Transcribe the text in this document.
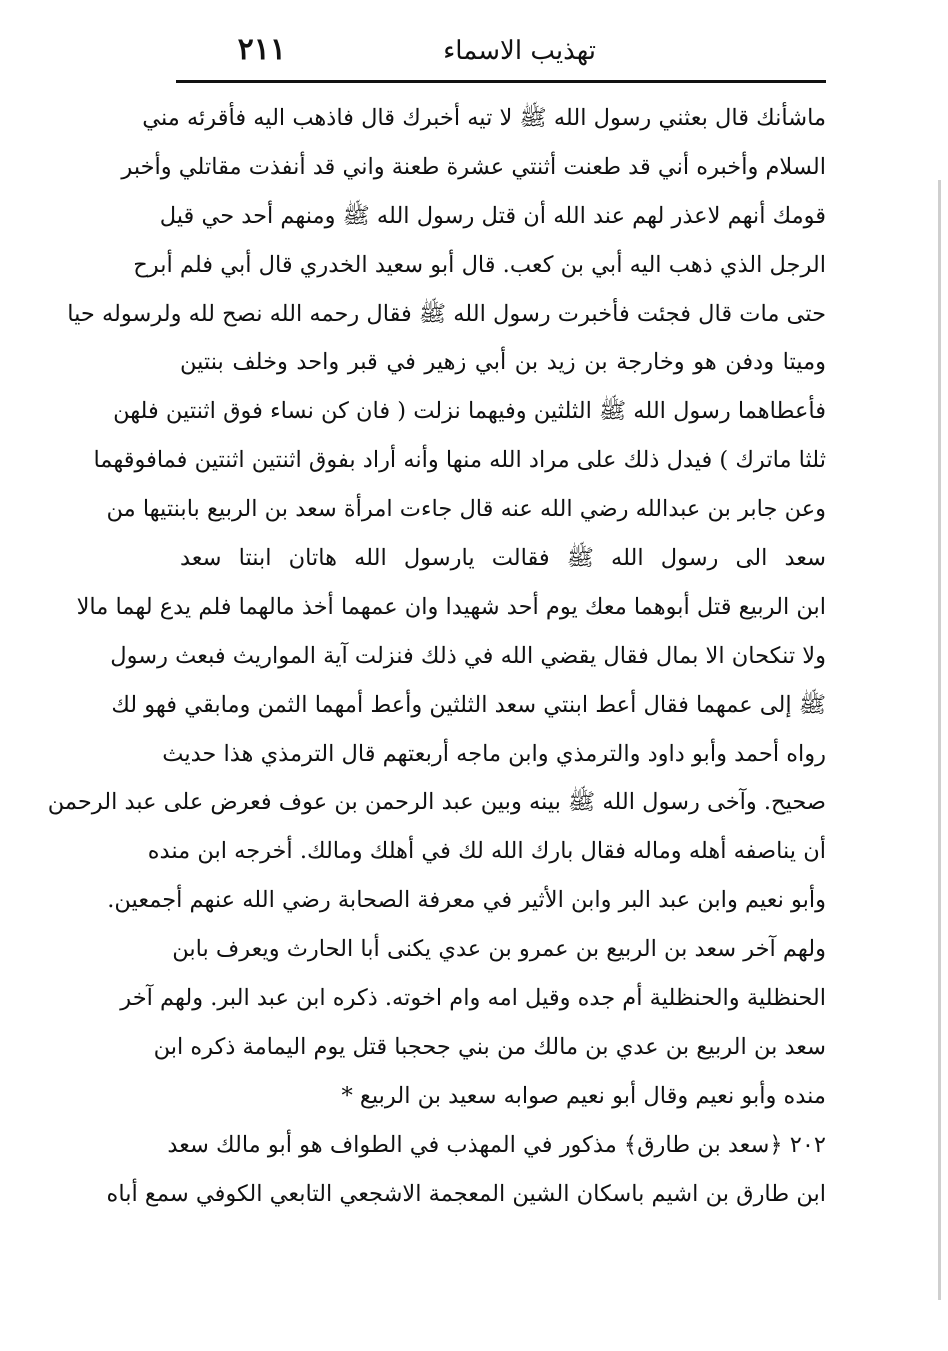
٢١١	تهذيب الاسماء
ماشأنك قال بعثني رسول الله ﷺ لا تيه أخبرك قال فاذهب اليه فأقرئه مني
السلام وأخبره أني قد طعنت أثنتي عشرة طعنة واني قد أنفذت مقاتلي وأخبر
قومك أنهم لاعذر لهم عند الله أن قتل رسول الله ﷺ ومنهم أحد حي قيل
الرجل الذي ذهب اليه أبي بن كعب. قال أبو سعيد الخدري قال أبي فلم أبرح
حتى مات قال فجئت فأخبرت رسول الله ﷺ فقال رحمه الله نصح لله ولرسوله حيا
وميتا ودفن هو وخارجة بن زيد بن أبي زهير في قبر واحد وخلف بنتين
فأعطاهما رسول الله ﷺ الثلثين وفيهما نزلت ( فان كن نساء فوق اثنتين فلهن
ثلثا ماترك ) فيدل ذلك على مراد الله منها وأنه أراد بفوق اثنتين اثنتين فمافوقهما
وعن جابر بن عبدالله رضي الله عنه قال جاءت امرأة سعد بن الربيع بابنتيها من
سعد الى رسول الله ﷺ فقالت يارسول الله هاتان ابنتا سعد
ابن الربيع قتل أبوهما معك يوم أحد شهيدا وان عمهما أخذ مالهما فلم يدع لهما مالا
ولا تنكحان الا بمال فقال يقضي الله في ذلك فنزلت آية المواريث فبعث رسول
ﷺ إلى عمهما فقال أعط ابنتي سعد الثلثين وأعط أمهما الثمن ومابقي فهو لك
رواه أحمد وأبو داود والترمذي وابن ماجه أربعتهم قال الترمذي هذا حديث
صحيح. وآخى رسول الله ﷺ بينه وبين عبد الرحمن بن عوف فعرض على عبد الرحمن
أن يناصفه أهله وماله فقال بارك الله لك في أهلك ومالك. أخرجه ابن منده
وأبو نعيم وابن عبد البر وابن الأثير في معرفة الصحابة رضي الله عنهم أجمعين.
ولهم آخر سعد بن الربيع بن عمرو بن عدي يكنى أبا الحارث ويعرف بابن
الحنظلية والحنظلية أم جده وقيل امه وام اخوته. ذكره ابن عبد البر. ولهم آخر
سعد بن الربيع بن عدي بن مالك من بني جحجبا قتل يوم اليمامة ذكره ابن
منده وأبو نعيم وقال أبو نعيم صوابه سعيد بن الربيع *
٢٠٢ ﴿سعد بن طارق﴾ مذكور في المهذب في الطواف هو أبو مالك سعد
ابن طارق بن اشيم باسكان الشين المعجمة الاشجعي التابعي الكوفي سمع أباه
